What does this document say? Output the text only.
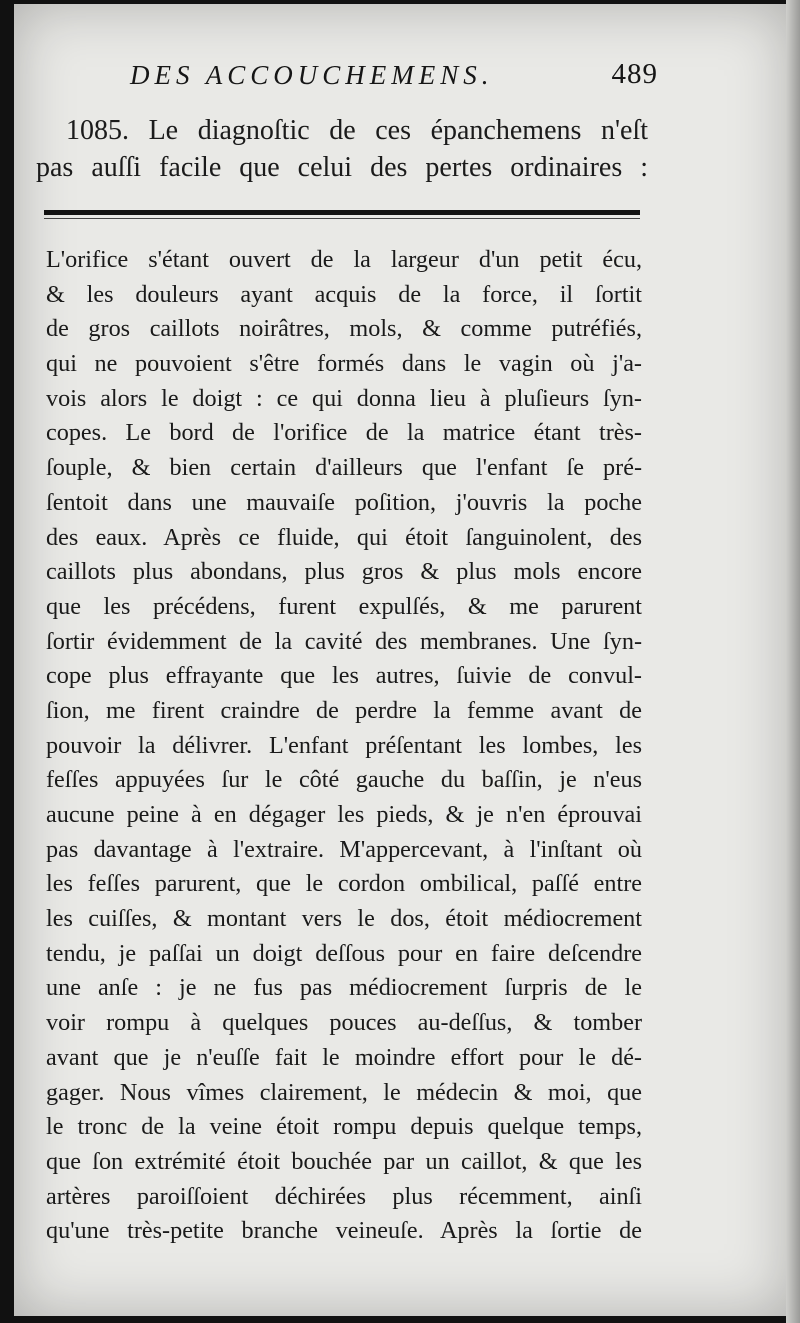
DES ACCOUCHEMENS.	489
1085. Le diagnoſtic de ces épanchemens n'eſt
pas auſſi facile que celui des pertes ordinaires :
L'orifice s'étant ouvert de la largeur d'un petit écu,
& les douleurs ayant acquis de la force, il ſortit
de gros caillots noirâtres, mols, & comme putréfiés,
qui ne pouvoient s'être formés dans le vagin où j'a-
vois alors le doigt : ce qui donna lieu à pluſieurs ſyn-
copes. Le bord de l'orifice de la matrice étant très-
ſouple, & bien certain d'ailleurs que l'enfant ſe pré-
ſentoit dans une mauvaiſe poſition, j'ouvris la poche
des eaux. Après ce fluide, qui étoit ſanguinolent, des
caillots plus abondans, plus gros & plus mols encore
que les précédens, furent expulſés, & me parurent
ſortir évidemment de la cavité des membranes. Une ſyn-
cope plus effrayante que les autres, ſuivie de convul-
ſion, me firent craindre de perdre la femme avant de
pouvoir la délivrer. L'enfant préſentant les lombes, les
feſſes appuyées ſur le côté gauche du baſſin, je n'eus
aucune peine à en dégager les pieds, & je n'en éprouvai
pas davantage à l'extraire. M'appercevant, à l'inſtant où
les feſſes parurent, que le cordon ombilical, paſſé entre
les cuiſſes, & montant vers le dos, étoit médiocrement
tendu, je paſſai un doigt deſſous pour en faire deſcendre
une anſe : je ne fus pas médiocrement ſurpris de le
voir rompu à quelques pouces au-deſſus, & tomber
avant que je n'euſſe fait le moindre effort pour le dé-
gager. Nous vîmes clairement, le médecin & moi, que
le tronc de la veine étoit rompu depuis quelque temps,
que ſon extrémité étoit bouchée par un caillot, & que les
artères paroiſſoient déchirées plus récemment, ainſi
qu'une très-petite branche veineuſe. Après la ſortie de
